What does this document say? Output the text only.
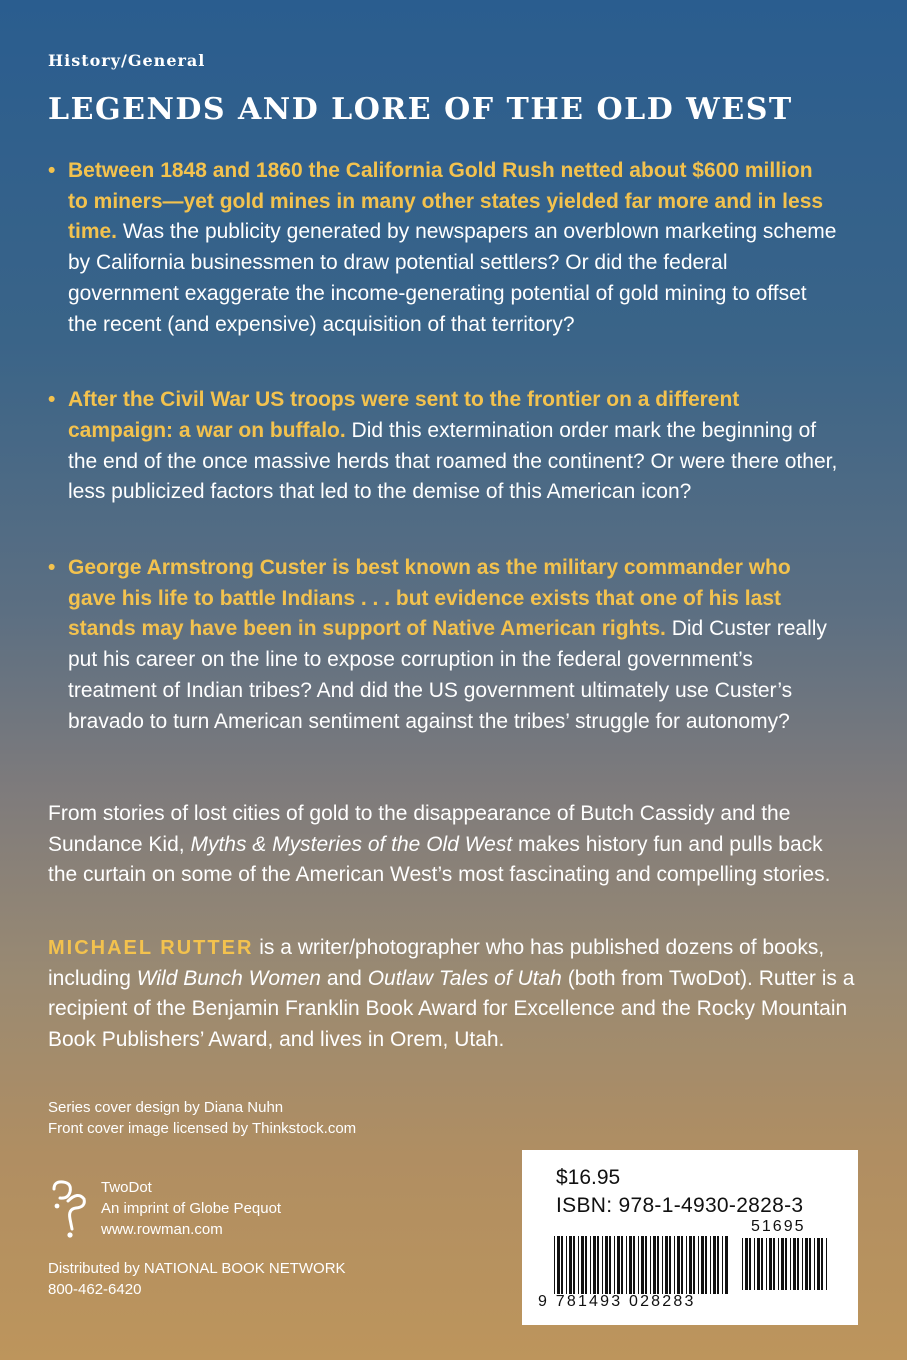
History/General
LEGENDS AND LORE OF THE OLD WEST
• Between 1848 and 1860 the California Gold Rush netted about $600 million to miners—yet gold mines in many other states yielded far more and in less time. Was the publicity generated by newspapers an overblown marketing scheme by California businessmen to draw potential settlers? Or did the federal government exaggerate the income-generating potential of gold mining to offset the recent (and expensive) acquisition of that territory?
• After the Civil War US troops were sent to the frontier on a different campaign: a war on buffalo. Did this extermination order mark the beginning of the end of the once massive herds that roamed the continent? Or were there other, less publicized factors that led to the demise of this American icon?
• George Armstrong Custer is best known as the military commander who gave his life to battle Indians . . . but evidence exists that one of his last stands may have been in support of Native American rights. Did Custer really put his career on the line to expose corruption in the federal government’s treatment of Indian tribes? And did the US government ultimately use Custer’s bravado to turn American sentiment against the tribes’ struggle for autonomy?

From stories of lost cities of gold to the disappearance of Butch Cassidy and the Sundance Kid, Myths & Mysteries of the Old West makes history fun and pulls back the curtain on some of the American West’s most fascinating and compelling stories.

MICHAEL RUTTER is a writer/photographer who has published dozens of books, including Wild Bunch Women and Outlaw Tales of Utah (both from TwoDot). Rutter is a recipient of the Benjamin Franklin Book Award for Excellence and the Rocky Mountain Book Publishers’ Award, and lives in Orem, Utah.

Series cover design by Diana Nuhn
Front cover image licensed by Thinkstock.com
TwoDot
An imprint of Globe Pequot
www.rowman.com
Distributed by NATIONAL BOOK NETWORK
800-462-6420
$16.95
ISBN: 978-1-4930-2828-3
51695
9 781493 028283
